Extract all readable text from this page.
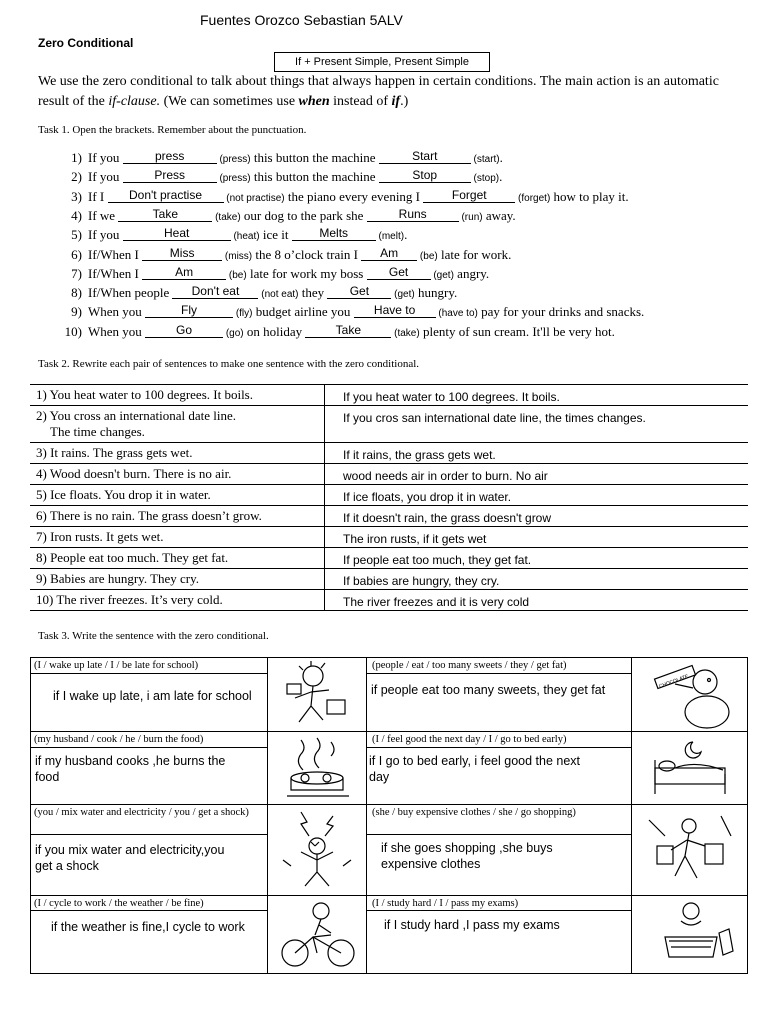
Fuentes Orozco Sebastian 5ALV
Zero Conditional
If + Present Simple, Present Simple
We use the zero conditional to talk about things that always happen in certain conditions. The main action is an automatic result of the if-clause. (We can sometimes use when instead of if.)
Task 1. Open the brackets. Remember about the punctuation.
1) If you	press	(press) this button the machine	Start	(start).
2) If you	Press	(press) this button the machine	Stop	(stop).
3) If I Don't practise (not practise) the piano every evening I Forget	(forget) how to play it.
4) If we	Take	(take) our dog to the park she	Runs	(run) away.
5) If you	Heat	(heat) ice it Melts	(melt).
6) If/When I Miss	(miss) the 8 o’clock train I Am (be) late for work.
7) If/When I	Am	(be) late for work my boss Get (get) angry.
8) If/When people Don't eat (not eat) they Get (get) hungry.
9) When you	Fly	(fly) budget airline you Have to (have to) pay for your drinks and snacks.
10) When you	Go	(go) on holiday	Take	(take) plenty of sun cream. It'll be very hot.
Task 2. Rewrite each pair of sentences to make one sentence with the zero conditional.
1) You heat water to 100 degrees. It boils.	If you heat water to 100 degrees. It boils.

2) You cross an international date line.
The time changes.	If you cros san international date line, the times changes.

3) It rains. The grass gets wet.	If it rains, the grass gets wet.

4) Wood doesn't burn. There is no air.	wood needs air in order to burn. No air

5) Ice floats. You drop it in water.	If ice floats, you drop it in water.

6) There is no rain. The grass doesn’t grow.	If it doesn't rain, the grass doesn't grow

7) Iron rusts. It gets wet.	The iron rusts, if it gets wet

8) People eat too much. They get fat.	If people eat too much, they get fat.

9) Babies are hungry. They cry.	If babies are hungry, they cry.

10) The river freezes. It’s very cold.	The river freezes and it is very cold
Task 3. Write the sentence with the zero conditional.
(I / wake up late / I / be late for school)
if I wake up late, i am late for school
(people / eat / too many sweets / they / get fat)
if people eat too many sweets, they get fat
(my husband / cook / he / burn the food)
if my husband cooks ,he burns the food
(I / feel good the next day / I / go to bed early)
if I go to bed early, i feel good the next day
(you / mix water and electricity / you / get a shock)
if you mix water and electricity,you get a shock
(she / buy expensive clothes / she / go shopping)
if she goes shopping ,she buys expensive clothes
(I / cycle to work / the weather / be fine)
if the weather is fine,I cycle to work
(I / study hard / I / pass my exams)
if I study hard ,I pass my exams
CHOCOLATE
